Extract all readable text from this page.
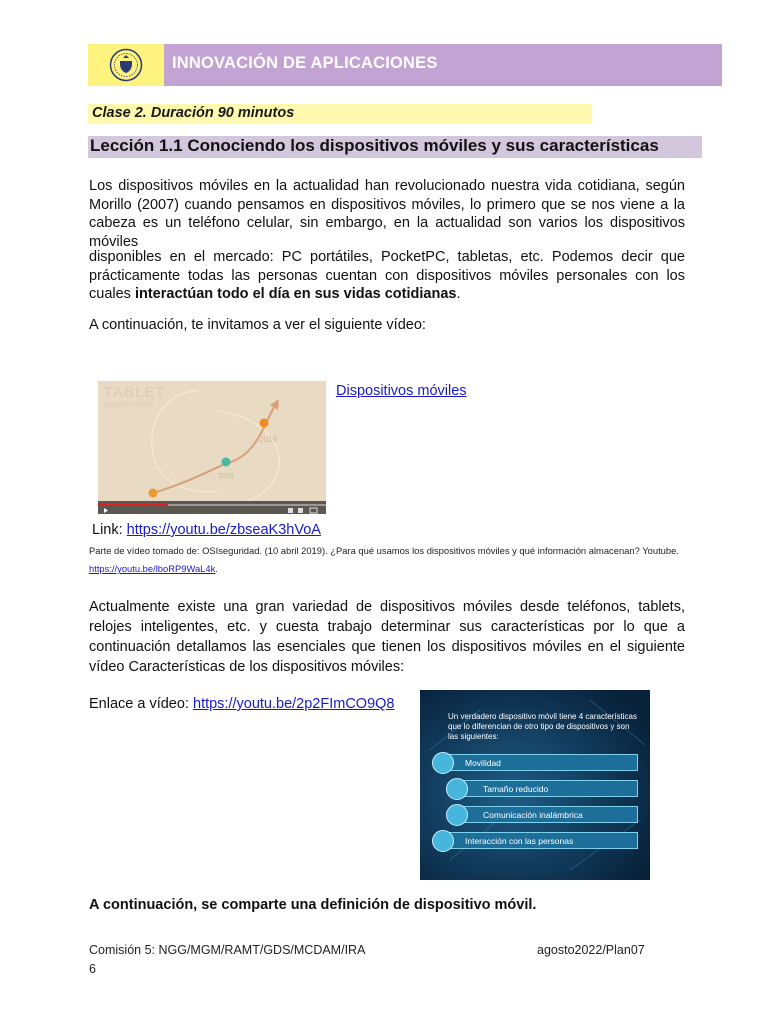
INNOVACIÓN DE APLICACIONES
Clase 2. Duración 90 minutos
Lección 1.1 Conociendo los dispositivos móviles y sus características
Los dispositivos móviles en la actualidad han revolucionado nuestra vida cotidiana, según Morillo (2007) cuando pensamos en dispositivos móviles, lo primero que se nos viene a la cabeza es un teléfono celular, sin embargo, en la actualidad son varios los dispositivos móviles
disponibles en el mercado: PC portátiles, PocketPC, tabletas, etc. Podemos decir que prácticamente todas las personas cuentan con dispositivos móviles personales con los cuales interactúan todo el día en sus vidas cotidianas.
A continuación, te invitamos a ver el siguiente vídeo:
TABLET
SMARTPHONE
2019
2016
Dispositivos móviles
Link: https://youtu.be/zbseaK3hVoA
Parte de vídeo tomado de: OSIseguridad. (10 abril 2019). ¿Para qué usamos los dispositivos móviles y qué información almacenan? Youtube. https://youtu.be/lboRP9WaL4k.
Actualmente existe una gran variedad de dispositivos móviles desde teléfonos, tablets, relojes inteligentes, etc. y cuesta trabajo determinar sus características por lo que a continuación detallamos las esenciales que tienen los dispositivos móviles en el siguiente vídeo Características de los dispositivos móviles:
Enlace a vídeo: https://youtu.be/2p2FImCO9Q8
Un verdadero dispositivo móvil tiene 4 características que lo diferencian de otro tipo de dispositivos y son las siguientes:
Movilidad
Tamaño reducido
Comunicación inalámbrica
Interacción con las personas
A continuación, se comparte una definición de dispositivo móvil.
Comisión 5: NGG/MGM/RAMT/GDS/MCDAM/IRA	agosto2022/Plan07
6
